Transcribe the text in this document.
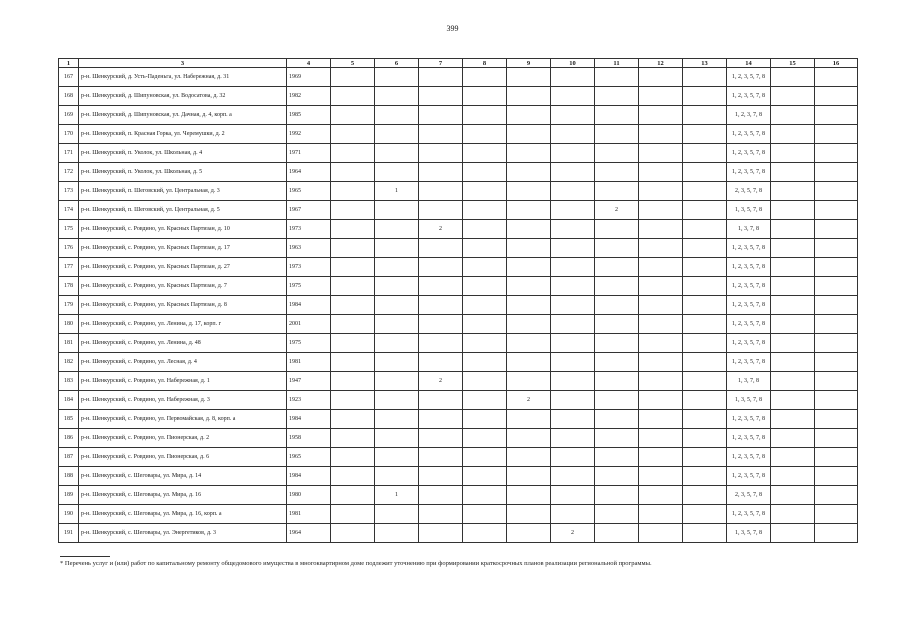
399
1	3	4	5	6	7	8	9	10	11	12	13	14	15	16
167	р-н. Шенкурский, д. Усть-Паденьга, ул. Набережная, д. 31	1969										1, 2, 3, 5, 7, 8		
168	р-н. Шенкурский, д. Шипуновская, ул. Водосатова, д. 32	1982										1, 2, 3, 5, 7, 8		
169	р-н. Шенкурский, д. Шипуновская, ул. Дачная, д. 4, корп. а	1985										1, 2, 3, 7, 8		
170	р-н. Шенкурский, п. Красная Горка, ул. Черемушки, д. 2	1992										1, 2, 3, 5, 7, 8		
171	р-н. Шенкурский, п. Уколок, ул. Школьная, д. 4	1971										1, 2, 3, 5, 7, 8		
172	р-н. Шенкурский, п. Уколок, ул. Школьная, д. 5	1964										1, 2, 3, 5, 7, 8		
173	р-н. Шенкурский, п. Шеговский, ул. Центральная, д. 3	1965		1								2, 3, 5, 7, 8		
174	р-н. Шенкурский, п. Шеговский, ул. Центральная, д. 5	1967							2			1, 3, 5, 7, 8		
175	р-н. Шенкурский, с. Ровдино, ул. Красных Партизан, д. 10	1973			2							1, 3, 7, 8		
176	р-н. Шенкурский, с. Ровдино, ул. Красных Партизан, д. 17	1963										1, 2, 3, 5, 7, 8		
177	р-н. Шенкурский, с. Ровдино, ул. Красных Партизан, д. 27	1973										1, 2, 3, 5, 7, 8		
178	р-н. Шенкурский, с. Ровдино, ул. Красных Партизан, д. 7	1975										1, 2, 3, 5, 7, 8		
179	р-н. Шенкурский, с. Ровдино, ул. Красных Партизан, д. 8	1984										1, 2, 3, 5, 7, 8		
180	р-н. Шенкурский, с. Ровдино, ул. Ленина, д. 17, корп. г	2001										1, 2, 3, 5, 7, 8		
181	р-н. Шенкурский, с. Ровдино, ул. Ленина, д. 48	1975										1, 2, 3, 5, 7, 8		
182	р-н. Шенкурский, с. Ровдино, ул. Лесная, д. 4	1981										1, 2, 3, 5, 7, 8		
183	р-н. Шенкурский, с. Ровдино, ул. Набережная, д. 1	1947			2							1, 3, 7, 8		
184	р-н. Шенкурский, с. Ровдино, ул. Набережная, д. 3	1923					2					1, 3, 5, 7, 8		
185	р-н. Шенкурский, с. Ровдино, ул. Первомайская, д. 8, корп. а	1984										1, 2, 3, 5, 7, 8		
186	р-н. Шенкурский, с. Ровдино, ул. Пионерская, д. 2	1958										1, 2, 3, 5, 7, 8		
187	р-н. Шенкурский, с. Ровдино, ул. Пионерская, д. 6	1965										1, 2, 3, 5, 7, 8		
188	р-н. Шенкурский, с. Шеговары, ул. Мира, д. 14	1984										1, 2, 3, 5, 7, 8		
189	р-н. Шенкурский, с. Шеговары, ул. Мира, д. 16	1980		1								2, 3, 5, 7, 8		
190	р-н. Шенкурский, с. Шеговары, ул. Мира, д. 16, корп. а	1981										1, 2, 3, 5, 7, 8		
191	р-н. Шенкурский, с. Шеговары, ул. Энергетиков, д. 3	1964						2				1, 3, 5, 7, 8		
* Перечень услуг и (или) работ по капитальному ремонту общедомового имущества в многоквартирном доме подлежит уточнению при формировании краткосрочных планов реализации региональной программы.
